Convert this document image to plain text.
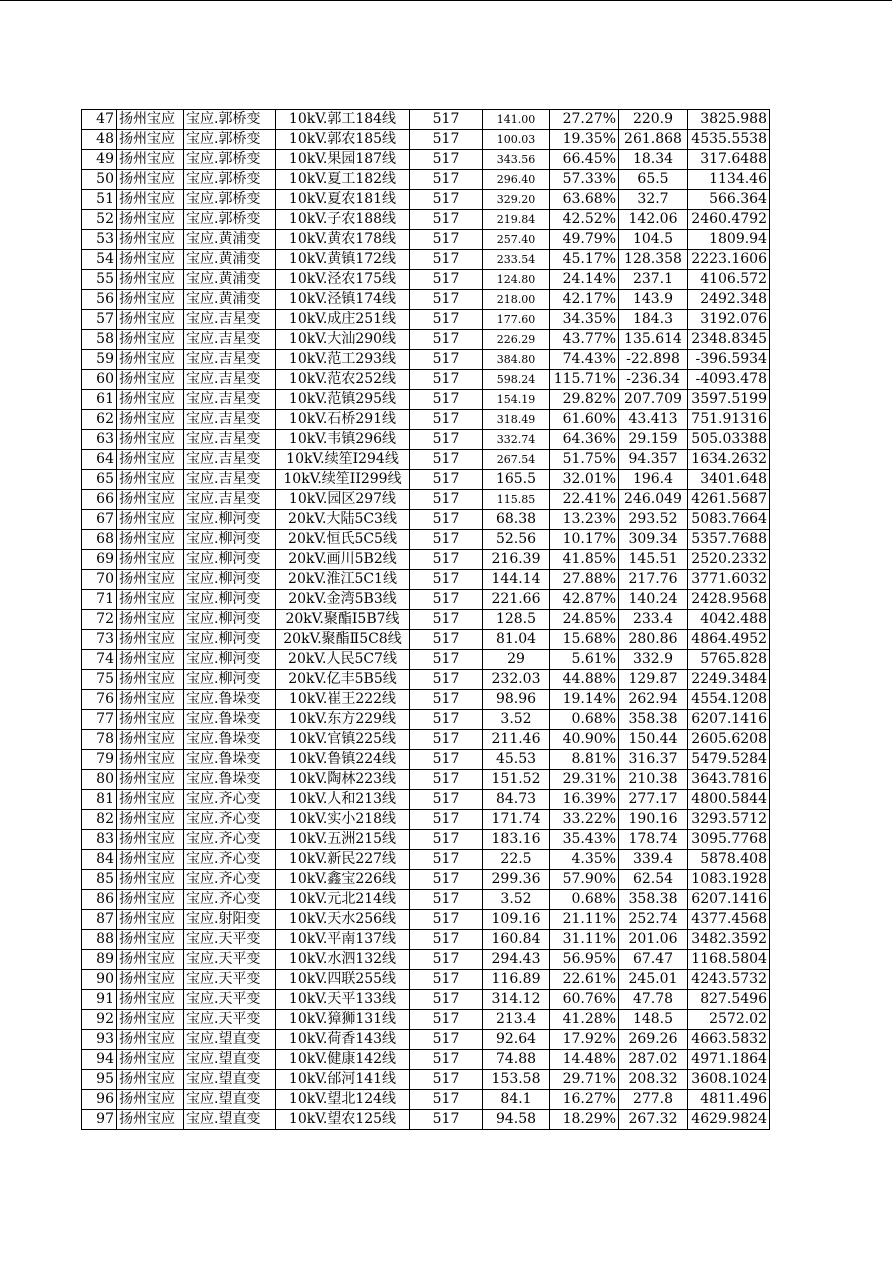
47	扬州宝应	宝应.郭桥变	10kV.郭工184线	517	141.00	27.27%	220.9	3825.988
48	扬州宝应	宝应.郭桥变	10kV.郭农185线	517	100.03	19.35%	261.868	4535.5538
49	扬州宝应	宝应.郭桥变	10kV.果园187线	517	343.56	66.45%	18.34	317.6488
50	扬州宝应	宝应.郭桥变	10kV.夏工182线	517	296.40	57.33%	65.5	1134.46
51	扬州宝应	宝应.郭桥变	10kV.夏农181线	517	329.20	63.68%	32.7	566.364
52	扬州宝应	宝应.郭桥变	10kV.子农188线	517	219.84	42.52%	142.06	2460.4792
53	扬州宝应	宝应.黄浦变	10kV.黄农178线	517	257.40	49.79%	104.5	1809.94
54	扬州宝应	宝应.黄浦变	10kV.黄镇172线	517	233.54	45.17%	128.358	2223.1606
55	扬州宝应	宝应.黄浦变	10kV.泾农175线	517	124.80	24.14%	237.1	4106.572
56	扬州宝应	宝应.黄浦变	10kV.泾镇174线	517	218.00	42.17%	143.9	2492.348
57	扬州宝应	宝应.吉星变	10kV.成庄251线	517	177.60	34.35%	184.3	3192.076
58	扬州宝应	宝应.吉星变	10kV.大汕290线	517	226.29	43.77%	135.614	2348.8345
59	扬州宝应	宝应.吉星变	10kV.范工293线	517	384.80	74.43%	-22.898	-396.5934
60	扬州宝应	宝应.吉星变	10kV.范农252线	517	598.24	115.71%	-236.34	-4093.478
61	扬州宝应	宝应.吉星变	10kV.范镇295线	517	154.19	29.82%	207.709	3597.5199
62	扬州宝应	宝应.吉星变	10kV.石桥291线	517	318.49	61.60%	43.413	751.91316
63	扬州宝应	宝应.吉星变	10kV.韦镇296线	517	332.74	64.36%	29.159	505.03388
64	扬州宝应	宝应.吉星变	10kV.续笙I294线	517	267.54	51.75%	94.357	1634.2632
65	扬州宝应	宝应.吉星变	10kV.续笙II299线	517	165.5	32.01%	196.4	3401.648
66	扬州宝应	宝应.吉星变	10kV.园区297线	517	115.85	22.41%	246.049	4261.5687
67	扬州宝应	宝应.柳河变	20kV.大陆5C3线	517	68.38	13.23%	293.52	5083.7664
68	扬州宝应	宝应.柳河变	20kV.恒氏5C5线	517	52.56	10.17%	309.34	5357.7688
69	扬州宝应	宝应.柳河变	20kV.画川5B2线	517	216.39	41.85%	145.51	2520.2332
70	扬州宝应	宝应.柳河变	20kV.淮江5C1线	517	144.14	27.88%	217.76	3771.6032
71	扬州宝应	宝应.柳河变	20kV.金湾5B3线	517	221.66	42.87%	140.24	2428.9568
72	扬州宝应	宝应.柳河变	20kV.聚酯Ⅰ5B7线	517	128.5	24.85%	233.4	4042.488
73	扬州宝应	宝应.柳河变	20kV.聚酯Ⅱ5C8线	517	81.04	15.68%	280.86	4864.4952
74	扬州宝应	宝应.柳河变	20kV.人民5C7线	517	29	5.61%	332.9	5765.828
75	扬州宝应	宝应.柳河变	20kV.亿丰5B5线	517	232.03	44.88%	129.87	2249.3484
76	扬州宝应	宝应.鲁垛变	10kV.崔王222线	517	98.96	19.14%	262.94	4554.1208
77	扬州宝应	宝应.鲁垛变	10kV.东方229线	517	3.52	0.68%	358.38	6207.1416
78	扬州宝应	宝应.鲁垛变	10kV.官镇225线	517	211.46	40.90%	150.44	2605.6208
79	扬州宝应	宝应.鲁垛变	10kV.鲁镇224线	517	45.53	8.81%	316.37	5479.5284
80	扬州宝应	宝应.鲁垛变	10kV.陶林223线	517	151.52	29.31%	210.38	3643.7816
81	扬州宝应	宝应.齐心变	10kV.人和213线	517	84.73	16.39%	277.17	4800.5844
82	扬州宝应	宝应.齐心变	10kV.实小218线	517	171.74	33.22%	190.16	3293.5712
83	扬州宝应	宝应.齐心变	10kV.五洲215线	517	183.16	35.43%	178.74	3095.7768
84	扬州宝应	宝应.齐心变	10kV.新民227线	517	22.5	4.35%	339.4	5878.408
85	扬州宝应	宝应.齐心变	10kV.鑫宝226线	517	299.36	57.90%	62.54	1083.1928
86	扬州宝应	宝应.齐心变	10kV.元北214线	517	3.52	0.68%	358.38	6207.1416
87	扬州宝应	宝应.射阳变	10kV.天水256线	517	109.16	21.11%	252.74	4377.4568
88	扬州宝应	宝应.天平变	10kV.平南137线	517	160.84	31.11%	201.06	3482.3592
89	扬州宝应	宝应.天平变	10kV.水泗132线	517	294.43	56.95%	67.47	1168.5804
90	扬州宝应	宝应.天平变	10kV.四联255线	517	116.89	22.61%	245.01	4243.5732
91	扬州宝应	宝应.天平变	10kV.天平133线	517	314.12	60.76%	47.78	827.5496
92	扬州宝应	宝应.天平变	10kV.獐狮131线	517	213.4	41.28%	148.5	2572.02
93	扬州宝应	宝应.望直变	10kV.荷香143线	517	92.64	17.92%	269.26	4663.5832
94	扬州宝应	宝应.望直变	10kV.健康142线	517	74.88	14.48%	287.02	4971.1864
95	扬州宝应	宝应.望直变	10kV.邰河141线	517	153.58	29.71%	208.32	3608.1024
96	扬州宝应	宝应.望直变	10kV.望北124线	517	84.1	16.27%	277.8	4811.496
97	扬州宝应	宝应.望直变	10kV.望农125线	517	94.58	18.29%	267.32	4629.9824
